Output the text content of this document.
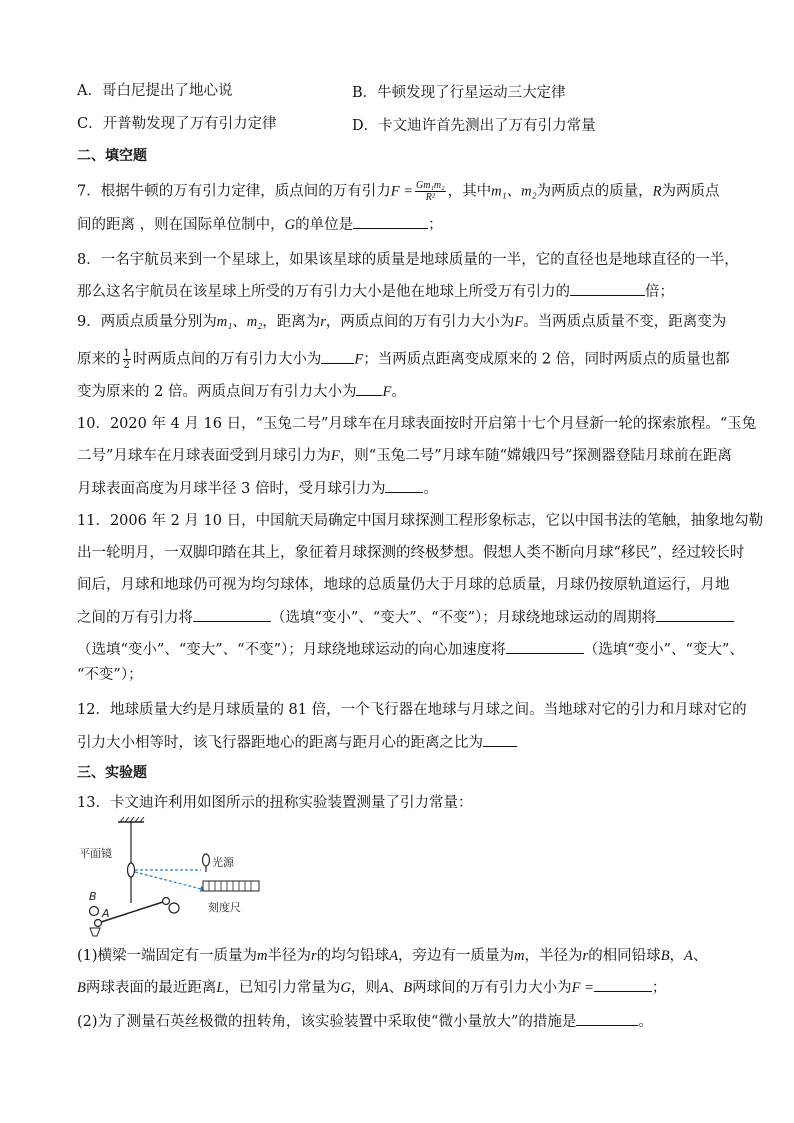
A．哥白尼提出了地心说	B．牛顿发现了行星运动三大定律
C．开普勒发现了万有引力定律	D．卡文迪许首先测出了万有引力常量
二、填空题
7．根据牛顿的万有引力定律，质点间的万有引力$F = \frac{\text{Gm₁m₂}}{\text{R²}}$ ，其中m₁、m₂为两质点的质量，R为两质点
间的距离 ，则在国际单位制中，G的单位是	；
8．一名宇航员来到一个星球上，如果该星球的质量是地球质量的一半，它的直径也是地球直径的一半，
那么这名宇航员在该星球上所受的万有引力大小是他在地球上所受万有引力的	倍；
9．两质点质量分别为m₁、m₂，距离为r，两质点间的万有引力大小为F。当两质点质量不变，距离变为
原来的 $\frac{1}{2}$ 时两质点间的万有引力大小为 F；当两质点距离变成原来的 2 倍，同时两质点的质量也都
变为原来的 2 倍。两质点间万有引力大小为 F。
10．2020 年 4 月 16 日，“玉兔二号”月球车在月球表面按时开启第十七个月昼新一轮的探索旅程。“玉兔
二号”月球车在月球表面受到月球引力为F，则“玉兔二号”月球车随“嫦娥四号”探测器登陆月球前在距离
月球表面高度为月球半径 3 倍时，受月球引力为	。
11．2006 年 2 月 10 日，中国航天局确定中国月球探测工程形象标志，它以中国书法的笔触，抽象地勾勒
出一轮明月，一双脚印踏在其上，象征着月球探测的终极梦想。假想人类不断向月球“移民”，经过较长时
间后，月球和地球仍可视为均匀球体，地球的总质量仍大于月球的总质量，月球仍按原轨道运行，月地
之间的万有引力将	（选填“变小”、“变大”、“不变”）；月球绕地球运动的周期将
（选填“变小”、“变大”、“不变”）；月球绕地球运动的向心加速度将	（选填“变小”、“变大”、
“不变”）；
12．地球质量大约是月球质量的 81 倍，一个飞行器在地球与月球之间。当地球对它的引力和月球对它的
引力大小相等时，该飞行器距地心的距离与距月心的距离之比为
三、实验题
13．卡文迪许利用如图所示的扭称实验装置测量了引力常量：
光源
刻度尺
平面镜
B
A
(1)横梁一端固定有一质量为m半径为r的均匀铅球A，旁边有一质量为m，半径为r的相同铅球B，A、
B两球表面的最近距离L，已知引力常量为G，则A、B两球间的万有引力大小为F =	；
(2)为了测量石英丝极微的扭转角，该实验装置中采取使“微小量放大”的措施是	。
